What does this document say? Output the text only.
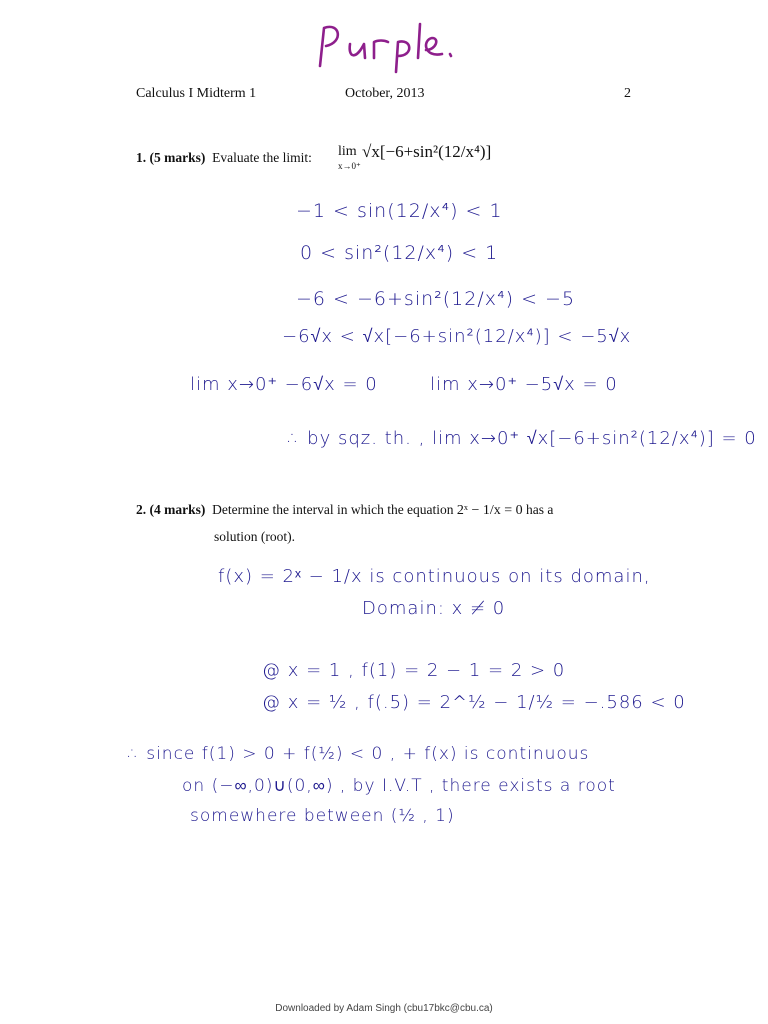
Calculus I Midterm 1	October, 2013	2
1. (5 marks) Evaluate the limit: lim
x→0⁺
√x[−6+sin²(12/x⁴)]
−1 < sin(12/x⁴) < 1
0 < sin²(12/x⁴) < 1
−6 < −6+sin²(12/x⁴) < −5
−6√x < √x[−6+sin²(12/x⁴)] < −5√x
lim x→0⁺ −6√x = 0	lim x→0⁺ −5√x = 0
∴ by sqz. th. , lim x→0⁺ √x[−6+sin²(12/x⁴)] = 0
2. (4 marks) Determine the interval in which the equation 2ˣ − 1/x = 0 has a
solution (root).
f(x) = 2ˣ − 1/x is continuous on its domain,
Domain: x ≠ 0
@ x = 1 , f(1) = 2 − 1 = 2 > 0
@ x = ½ , f(.5) = 2^½ − 1/½ = −.586 < 0
∴ since f(1) > 0 + f(½) < 0 , + f(x) is continuous
on (−∞,0)∪(0,∞) , by I.V.T , there exists a root
somewhere between (½ , 1)
Downloaded by Adam Singh (cbu17bkc@cbu.ca)
